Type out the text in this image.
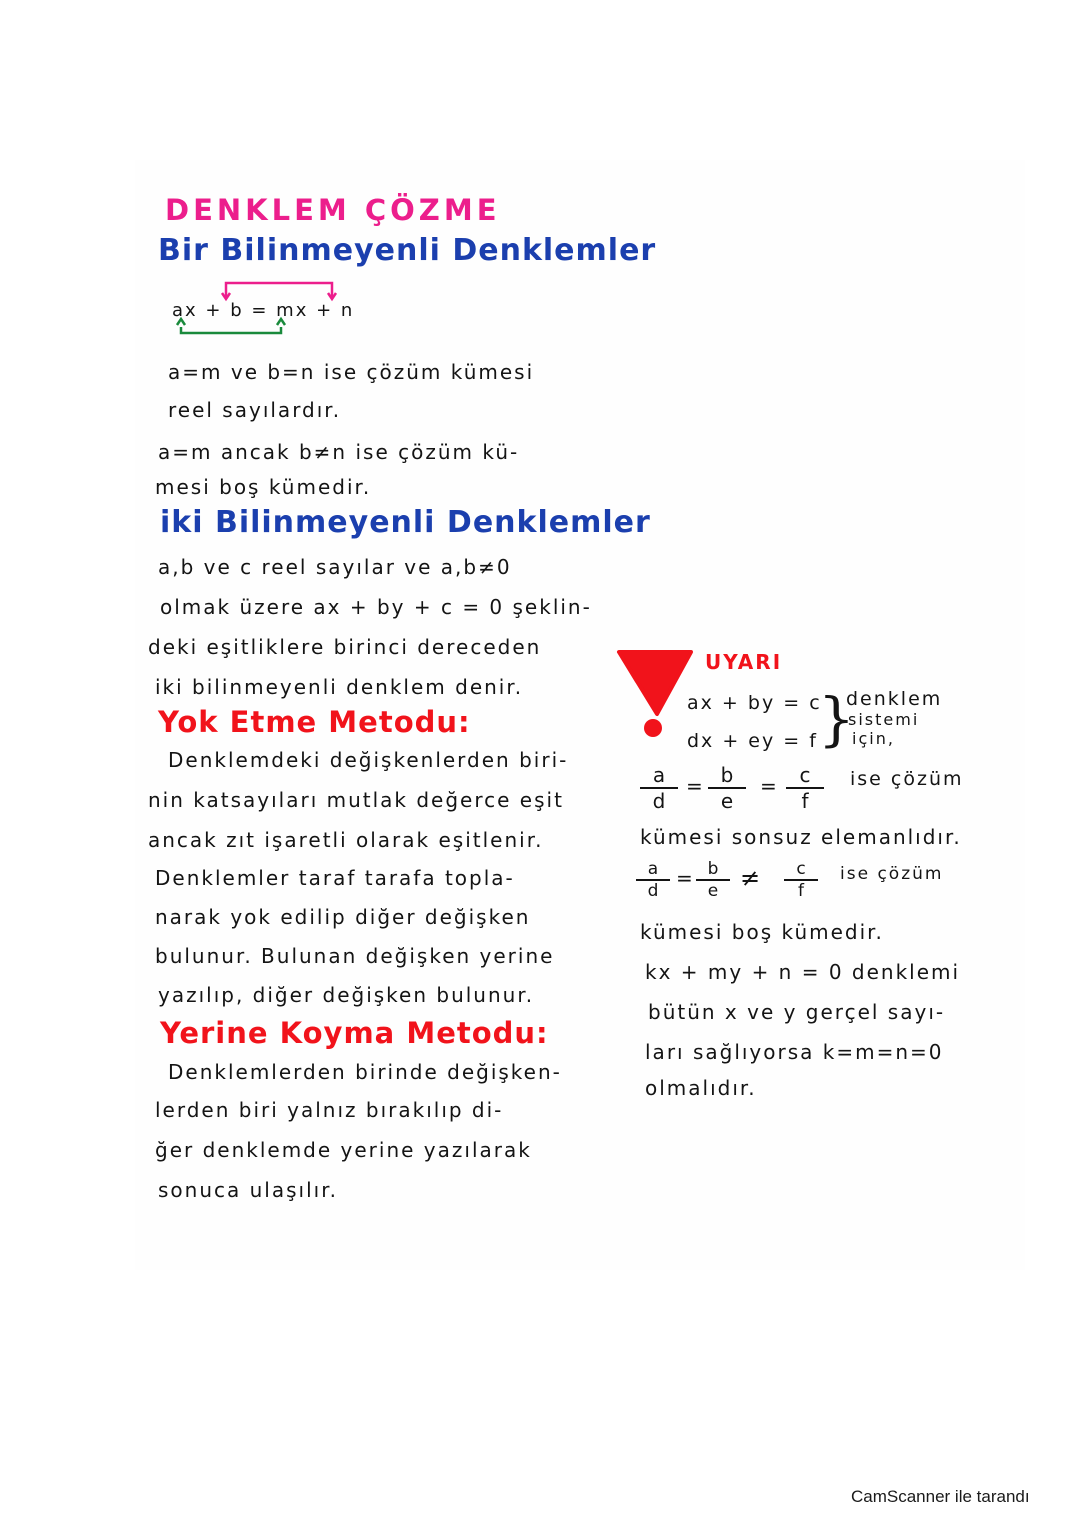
DENKLEM ÇÖZME
Bir Bilinmeyenli Denklemler
ax + b = mx + n
a=m ve b=n ise çözüm kümesi
reel sayılardır.
a=m ancak b≠n ise çözüm kü-
mesi boş kümedir.
iki Bilinmeyenli Denklemler
a,b ve c reel sayılar ve a,b≠0
olmak üzere ax + by + c = 0 şeklin-
deki eşitliklere birinci dereceden
iki bilinmeyenli denklem denir.
Yok Etme Metodu:
Denklemdeki değişkenlerden biri-
nin katsayıları mutlak değerce eşit
ancak zıt işaretli olarak eşitlenir.
Denklemler taraf tarafa topla-
narak yok edilip diğer değişken
bulunur. Bulunan değişken yerine
yazılıp, diğer değişken bulunur.
Yerine Koyma Metodu:
Denklemlerden birinde değişken-
lerden biri yalnız bırakılıp di-
ğer denklemde yerine yazılarak
sonuca ulaşılır.
UYARI
ax + by = c
dx + ey = f }
denklem
sistemi
için,
a
d
= b
e
= c
f
ise çözüm
kümesi sonsuz elemanlıdır.
a
d
= b
e ≠ c
f
ise çözüm
kümesi boş kümedir.
kx + my + n = 0 denklemi
bütün x ve y gerçel sayı-
ları sağlıyorsa k=m=n=0
olmalıdır.
CamScanner ile tarandı
